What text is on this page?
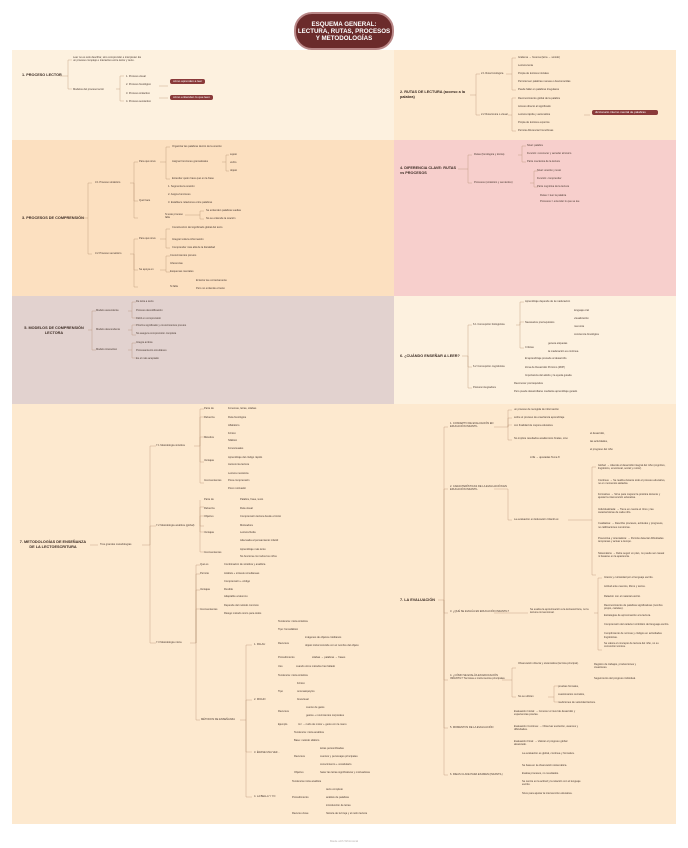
ESQUEMA GENERAL: LECTURA, RUTAS, PROCESOS Y METODOLOGÍAS
1. PROCESO LECTOR
Leer no es solo descifrar, sino comprender e interpretar. Es un proceso complejo e interactivo entre lector y texto.
Modelos del proceso lector
1. Proceso visual
2. Proceso fonológico
3. Proceso sintáctico
4. Proceso semántico
cómo aprenden a leer
cómo entienden lo que leen
2. RUTAS DE LECTURA (acceso a la palabra)
2.1 Ruta fonológica
Grafema → fonema (letra → sonido)
Lectura lenta
Propia de lectores iniciales
Permite leer palabras nuevas o desconocidas
Puede fallar en palabras irregulares
2.2 Ruta léxica o visual
Reconocimiento global de la palabra
Acceso directo al significado
Lectura rápida y automática
Propia de lectores expertos
Permite diferenciar homófonas
diccionario interno mental de palabras
3. PROCESOS DE COMPRENSIÓN
3.1 Proceso sintáctico
Para qué sirve
Organizar las palabras dentro de la oración
Asignar funciones gramaticales
Entender quién hace qué en la frase
sujeto
verbo
objeto
Qué hace
1. Segmenta la oración
2. Asigna funciones
3. Establece relaciones entre palabras
Si este proceso falla
Se entienden palabras sueltas
No se entiende la oración
3.2 Proceso semántico
Para qué sirve
Construcción del significado global del texto
Integrar toda la información
Comprender más allá de la literalidad
Se apoya en
Conocimientos previos
Inferencias
Esquemas mentales
Si falla
El lector lee correctamente
Pero no entiende el texto
4. DIFERENCIA CLAVE: RUTAS vs PROCESOS
Rutas (fonológica y léxica)
Nivel: palabra
Función: reconocer y acceder al léxico
Parte mecánica de la lectura
Procesos (sintáctico y semántico)
Nivel: oración y texto
Función: comprender
Parte cognitiva de la lectura
Rutas = leer la palabra
Procesos = entender lo que se lee
5. MODELOS DE COMPRENSIÓN LECTORA
Modelo ascendente
De letra a texto
Proceso decodificación
Débil en comprensión
Modelo descendente
Prioriza significado y conocimientos previos
No asegura comprensión completa
Modelo interactivo
Integra ambos
Procesamiento simultáneo
Es el más aceptado
6. ¿CUÁNDO ENSEÑAR A LEER?
6.1 Concepción biologicista
Aprendizaje depende de la maduración
Necesarios prerrequisitos
Críticas
lenguaje oral
visualización
memoria
conciencia fonológica
genera etiquetas
la maduración es continua
6.2 Concepción cognitivista
El aprendizaje precede al desarrollo
Zona de Desarrollo Próximo (ZDP)
Importancia del adulto y la ayuda guiada
Postura integradora
Reconocer prerrequisitos
Pero puede desarrollarse mediante aprendizaje guiado
7. METODOLOGÍAS DE ENSEÑANZA DE LA LECTOESCRITURA
Tres grandes metodologías
7.1 Metodología sintética
Fonemas, letras, sílabas
Parte de
Ruta fonológica
Refuerza
Alfabético
Fónico
Silábico
Fonovisuales
Métodos
Aprendizaje del código rápido
Autonomía lectora
Ventajas
Lectura mecánica
Poca comprensión
Poco motivador
Inconvenientes
7.2 Metodología analítica (global)
Palabra, frase, texto
Parte de
Ruta visual
Refuerza
Comprensión lectora desde el inicio
Objetivo
Motivadora
Lectura fluida
Adecuada al pensamiento infantil
Ventajas
Aprendizaje más lento
No funciona con todos los niños
Inconvenientes
7.3 Metodología mixta
Combinación de sintética y analítica
Qué es
Análisis + síntesis simultáneas
Permite
Comprensión + código
Flexible
Adaptable al alumno
Ventajas
Depende del método concreto
Riesgo método único para todos
Inconvenientes
MÉTODOS DE ENSEÑANZA
1. PALAU
Tendencia: mixta sintética
Tipo: fonosilábico
Recursos
Procedimiento
Uso
imágenes de objetos cotidianos
objeto inicial coincide con el nombre del objeto
sílabas → palabras → frases
cuando otros métodos han fallado
2. MICHO
Tendencia: mixta sintética
Tipo
Recursos
Ejemplo
Fónico
onomatopéyico
fonovisual
cuento de gatos
gestos + movimientos corporales
/m/ → ruido de motor + gesto con la mano
3. ÉRASE UNA VEZ...
Tendencia: mixta analítica
Base: método silábico
Recursos
Objetivo
letras personificadas
cuentos y personajes principales
conocimiento + vocabulario
hacer las letras significativas y motivadoras
4. LA BELLA Y YO
Tendencia mixta analítica
Procedimiento
Recurso clave
texto completo
análisis de palabras
introducción de letras
historia de la bruja y el ratón lectora
7. LA EVALUACIÓN
1. CONCEPTO DE EVALUACIÓN EN EDUCACIÓN INFANTIL
un proceso de recogida de información
sobre el proceso de enseñanza aprendizaje
con finalidad de mejora educativa
No implica resultados académicos finales, sino
el desarrollo,
las actividades,
el progreso del niño
LOE → ajustadas Tema 8
2. CARACTERÍSTICAS DE LA EVALUACIÓN EN EDUCACIÓN INFANTIL
La evaluación en Educación Infantil es:
Global: → Atiende el desarrollo integral del niño (cognitivo, lingüístico, emocional, social y motor).
Continua: → Se realiza durante todo el proceso educativo, no en momentos aislados.
Formativa: → Sirve para mejorar la práctica docente y ajustar la intervención educativa.
Individualizada: → Tiene en cuenta el ritmo y las características de cada niño.
Cualitativa: → Describe procesos, actitudes y progresos, no calificaciones numéricas.
Preventiva y orientadora: → Permite detectar dificultades tempranas y actuar a tiempo.
Sistemática: → Debe seguir un plan, no puede ser casual ni basarse en la apariencia.
3. ¿QUÉ SE EVALÚA EN EDUCACIÓN INFANTIL?
Se evalúa la aproximación a la lectoescritura, no la lectura convencional.
Interés y curiosidad por el lenguaje escrito.
Actitud ante cuentos, libros y textos.
Relación con el material escrito.
Reconocimiento de palabras significativas (nombre propio, carteles).
Estrategias de aproximación a la lectura.
Comprensión del carácter simbólico del lenguaje escrito.
Cumplimiento de normas y códigos en actividades lingüísticas.
Se valora el concepto de lectura del niño, no su corrección técnica.
4. ¿CÓMO SE EVALÚA EN EDUCACIÓN INFANTIL? Técnicas e instrumentos principales
Observación directa y sistemática (técnica principal).	Registro de trabajos, producciones y creaciones.
Seguimiento del progreso individual.
No se utilizan
pruebas formales,
cuestionarios cerrados,
mediciones de velocidad lectora.
5. MOMENTOS DE LA EVALUACIÓN
Evaluación Inicial: → Conocer el nivel de desarrollo y experiencias previas.
Evaluación Continua: → Observar evolución, avances y dificultades.
Evaluación Final: → Valorar el progreso global alcanzado.
6. IDEAS CLAVE PARA EXAMEN (INFANTIL)
La evaluación es global, continua y formativa.
Se basa en la observación sistemática.
Evalúa procesos, no resultados.
Se centra en la actitud y la relación con el lenguaje escrito.
Sirve para ajustar la intervención educativa.
Made with Whimsical
